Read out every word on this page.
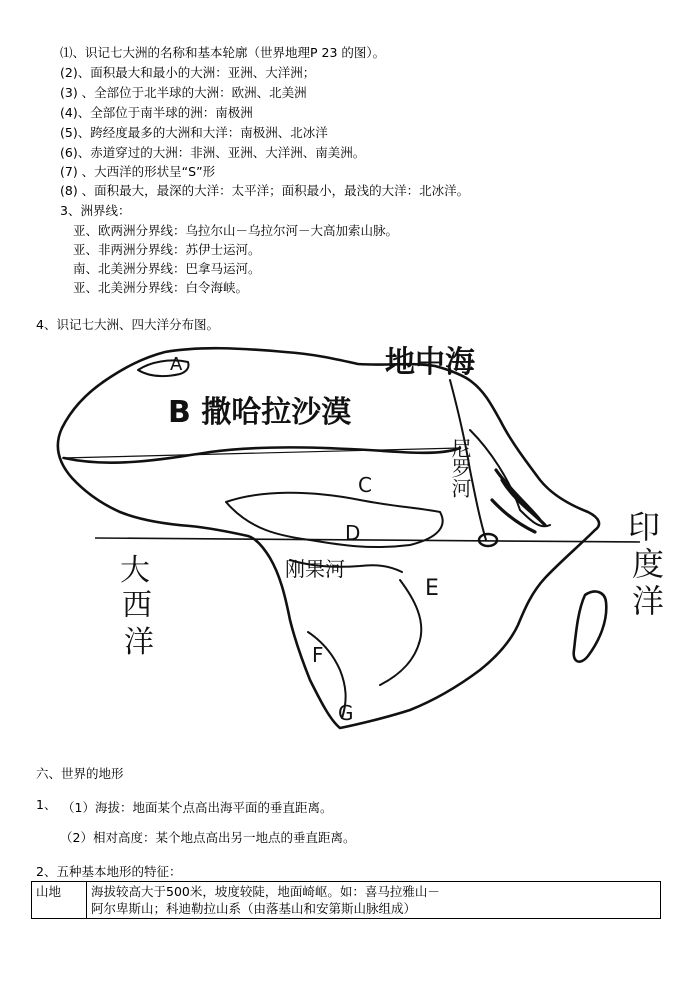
⑴、识记七大洲的名称和基本轮廓（世界地理P 23 的图）。
(2)、面积最大和最小的大洲：亚洲、大洋洲；
(3) 、全部位于北半球的大洲：欧洲、北美洲
(4)、全部位于南半球的洲：南极洲
(5)、跨经度最多的大洲和大洋：南极洲、北冰洋
(6)、赤道穿过的大洲：非洲、亚洲、大洋洲、南美洲。
(7) 、大西洋的形状呈“S”形
(8) 、面积最大，最深的大洋：太平洋；面积最小，最浅的大洋：北冰洋。
3、洲界线：
亚、欧两洲分界线：乌拉尔山－乌拉尔河－大高加索山脉。
亚、非两洲分界线：苏伊士运河。
南、北美洲分界线：巴拿马运河。
亚、北美洲分界线：白令海峡。
4、识记七大洲、四大洋分布图。
A
B 撒哈拉沙漠
C
D
E
F
G
地中海
尼罗河
刚果河
大
西
洋
印
度
洋
六、世界的地形
1、 （1）海拔：地面某个点高出海平面的垂直距离。
（2）相对高度：某个地点高出另一地点的垂直距离。
2、五种基本地形的特征：
山地	海拔较高大于500米，坡度较陡，地面崎岖。如：喜马拉雅山－
阿尔卑斯山；科迪勒拉山系（由落基山和安第斯山脉组成）
